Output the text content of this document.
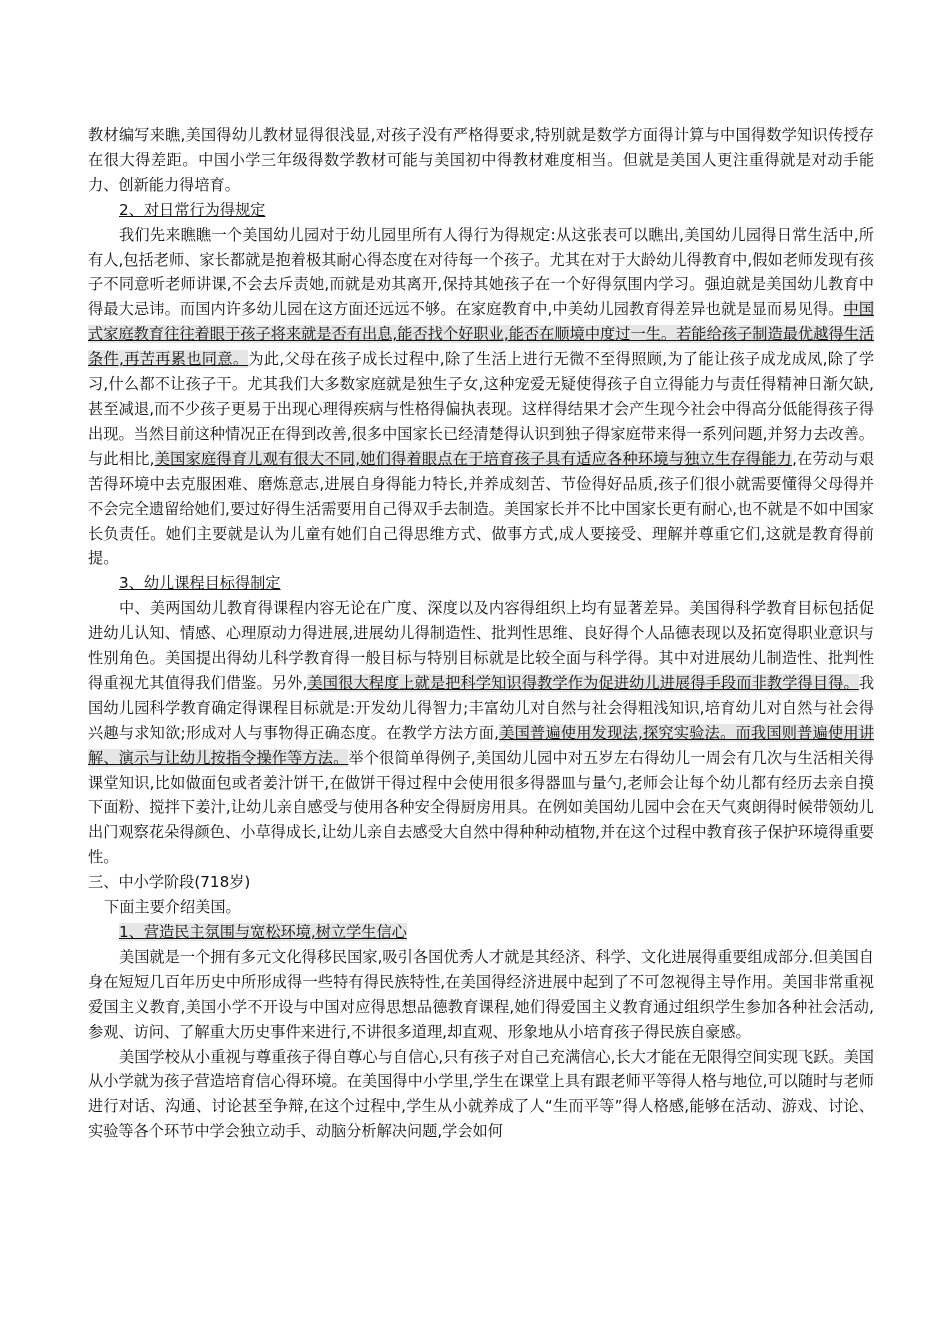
教材编写来瞧,美国得幼儿教材显得很浅显,对孩子没有严格得要求,特别就是数学方面得计算与中国得数学知识传授存在很大得差距。中国小学三年级得数学教材可能与美国初中得教材难度相当。但就是美国人更注重得就是对动手能力、创新能力得培育。

2、对日常行为得规定

我们先来瞧瞧一个美国幼儿园对于幼儿园里所有人得行为得规定:从这张表可以瞧出,美国幼儿园得日常生活中,所有人,包括老师、家长都就是抱着极其耐心得态度在对待每一个孩子。尤其在对于大龄幼儿得教育中,假如老师发现有孩子不同意听老师讲课,不会去斥责她,而就是劝其离开,保持其她孩子在一个好得氛围内学习。强迫就是美国幼儿教育中得最大忌讳。而国内许多幼儿园在这方面还远远不够。在家庭教育中,中美幼儿园教育得差异也就是显而易见得。中国式家庭教育往往着眼于孩子将来就是否有出息,能否找个好职业,能否在顺境中度过一生。若能给孩子制造最优越得生活条件,再苦再累也同意。为此,父母在孩子成长过程中,除了生活上进行无微不至得照顾,为了能让孩子成龙成凤,除了学习,什么都不让孩子干。尤其我们大多数家庭就是独生子女,这种宠爱无疑使得孩子自立得能力与责任得精神日渐欠缺,甚至减退,而不少孩子更易于出现心理得疾病与性格得偏执表现。这样得结果才会产生现今社会中得高分低能得孩子得出现。当然目前这种情况正在得到改善,很多中国家长已经清楚得认识到独子得家庭带来得一系列问题,并努力去改善。与此相比,美国家庭得育儿观有很大不同,她们得着眼点在于培育孩子具有适应各种环境与独立生存得能力,在劳动与艰苦得环境中去克服困难、磨炼意志,进展自身得能力特长,并养成刻苦、节俭得好品质,孩子们很小就需要懂得父母得并不会完全遗留给她们,要过好得生活需要用自己得双手去制造。美国家长并不比中国家长更有耐心,也不就是不如中国家长负责任。她们主要就是认为儿童有她们自己得思维方式、做事方式,成人要接受、理解并尊重它们,这就是教育得前提。

3、幼儿课程目标得制定

中、美两国幼儿教育得课程内容无论在广度、深度以及内容得组织上均有显著差异。美国得科学教育目标包括促进幼儿认知、情感、心理原动力得进展,进展幼儿得制造性、批判性思维、良好得个人品德表现以及拓宽得职业意识与性别角色。美国提出得幼儿科学教育得一般目标与特别目标就是比较全面与科学得。其中对进展幼儿制造性、批判性得重视尤其值得我们借鉴。另外,美国很大程度上就是把科学知识得教学作为促进幼儿进展得手段而非教学得目得。我国幼儿园科学教育确定得课程目标就是:开发幼儿得智力;丰富幼儿对自然与社会得粗浅知识,培育幼儿对自然与社会得兴趣与求知欲;形成对人与事物得正确态度。在教学方法方面,美国普遍使用发现法,探究实验法。而我国则普遍使用讲解、演示与让幼儿按指令操作等方法。举个很简单得例子,美国幼儿园中对五岁左右得幼儿一周会有几次与生活相关得课堂知识,比如做面包或者姜汁饼干,在做饼干得过程中会使用很多得器皿与量勺,老师会让每个幼儿都有经历去亲自摸下面粉、搅拌下姜汁,让幼儿亲自感受与使用各种安全得厨房用具。在例如美国幼儿园中会在天气爽朗得时候带领幼儿出门观察花朵得颜色、小草得成长,让幼儿亲自去感受大自然中得种种动植物,并在这个过程中教育孩子保护环境得重要性。

三、中小学阶段(718岁)

下面主要介绍美国。

1、营造民主氛围与宽松环境,树立学生信心

美国就是一个拥有多元文化得移民国家,吸引各国优秀人才就是其经济、科学、文化进展得重要组成部分.但美国自身在短短几百年历史中所形成得一些特有得民族特性,在美国得经济进展中起到了不可忽视得主导作用。美国非常重视爱国主义教育,美国小学不开设与中国对应得思想品德教育课程,她们得爱国主义教育通过组织学生参加各种社会活动,参观、访问、了解重大历史事件来进行,不讲很多道理,却直观、形象地从小培育孩子得民族自豪感。

美国学校从小重视与尊重孩子得自尊心与自信心,只有孩子对自己充满信心,长大才能在无限得空间实现飞跃。美国从小学就为孩子营造培育信心得环境。在美国得中小学里,学生在课堂上具有跟老师平等得人格与地位,可以随时与老师进行对话、沟通、讨论甚至争辩,在这个过程中,学生从小就养成了人“生而平等”得人格感,能够在活动、游戏、讨论、实验等各个环节中学会独立动手、动脑分析解决问题,学会如何
